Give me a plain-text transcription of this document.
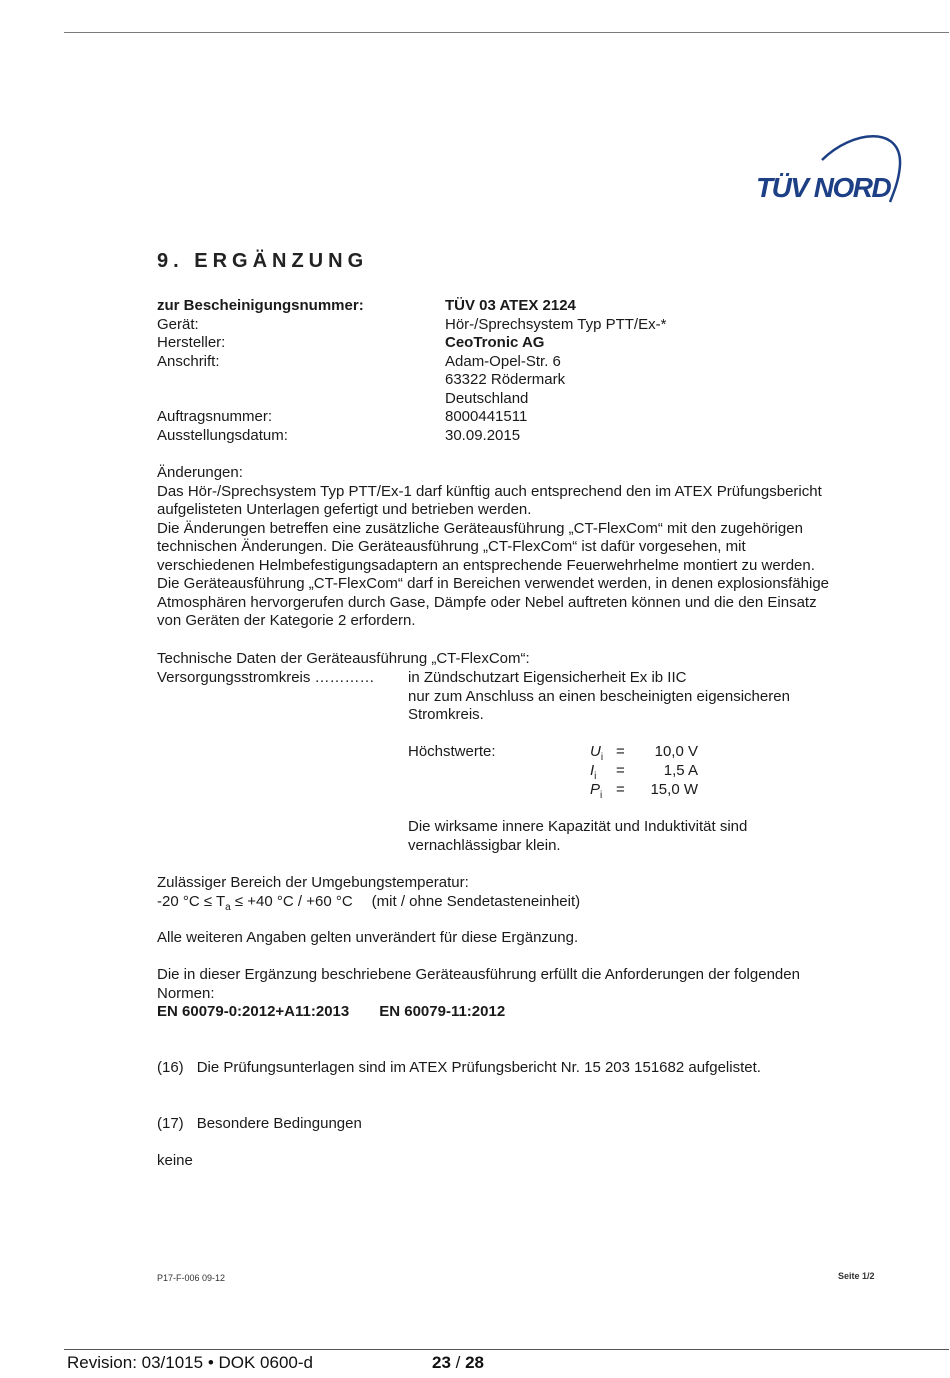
TÜV NORD
9. ERGÄNZUNG
zur Bescheinigungsnummer:	TÜV 03 ATEX 2124
Gerät:	Hör-/Sprechsystem Typ PTT/Ex-*
Hersteller:	CeoTronic AG
Anschrift:	Adam-Opel-Str. 6
63322 Rödermark
Deutschland
Auftragsnummer:	8000441511
Ausstellungsdatum:	30.09.2015
Änderungen:
Das Hör-/Sprechsystem Typ PTT/Ex-1 darf künftig auch entsprechend den im ATEX Prüfungsbericht
aufgelisteten Unterlagen gefertigt und betrieben werden.
Die Änderungen betreffen eine zusätzliche Geräteausführung „CT-FlexCom“ mit den zugehörigen
technischen Änderungen. Die Geräteausführung „CT-FlexCom“ ist dafür vorgesehen, mit
verschiedenen Helmbefestigungsadaptern an entsprechende Feuerwehrhelme montiert zu werden.
Die Geräteausführung „CT-FlexCom“ darf in Bereichen verwendet werden, in denen explosionsfähige
Atmosphären hervorgerufen durch Gase, Dämpfe oder Nebel auftreten können und die den Einsatz
von Geräten der Kategorie 2 erfordern.
Technische Daten der Geräteausführung „CT-FlexCom“:
Versorgungsstromkreis ………… in Zündschutzart Eigensicherheit Ex ib IIC
nur zum Anschluss an einen bescheinigten eigensicheren
Stromkreis.
Höchstwerte:	$U_i$ =	10,0 V
$I_i$ =	1,5 A
$P_i$ =	15,0 W
Die wirksame innere Kapazität und Induktivität sind
vernachlässigbar klein.
Zulässiger Bereich der Umgebungstemperatur:
-20 $^\circ C \le T_a \le +40$ °C / +60 °C (mit / ohne Sendetasteneinheit)
Alle weiteren Angaben gelten unverändert für diese Ergänzung.
Die in dieser Ergänzung beschriebene Geräteausführung erfüllt die Anforderungen der folgenden
Normen:
EN 60079-0:2012+A11:2013 EN 60079-11:2012
(16) Die Prüfungsunterlagen sind im ATEX Prüfungsbericht Nr. 15 203 151682 aufgelistet.
(17) Besondere Bedingungen
keine
P17-F-006 09-12	Seite 1/2
Revision: 03/1015 • DOK 0600-d	23 / 28
